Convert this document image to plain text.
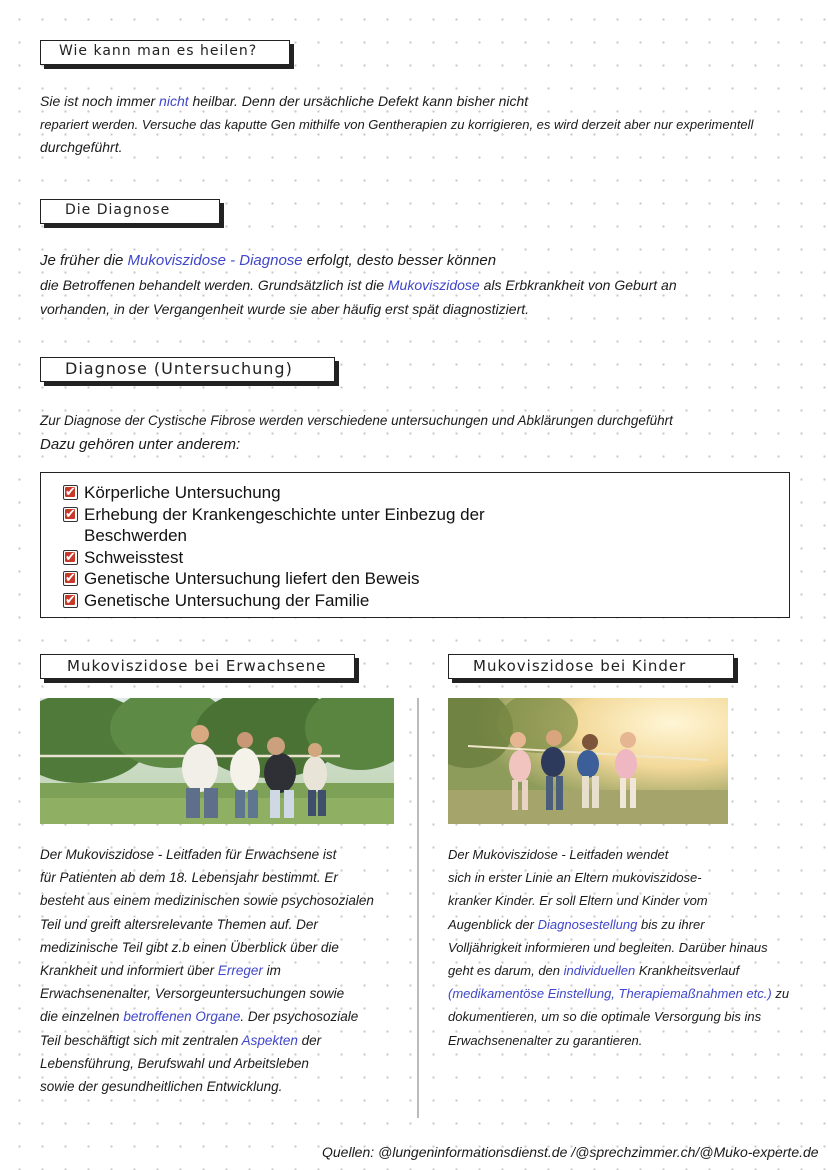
Wie kann man es heilen?
Sie ist noch immer nicht heilbar. Denn der ursächliche Defekt kann bisher nicht
repariert werden. Versuche das kaputte Gen mithilfe von Gentherapien zu korrigieren, es wird derzeit aber nur experimentell
durchgeführt.
Die Diagnose
Je früher die Mukoviszidose - Diagnose erfolgt, desto besser können
die Betroffenen behandelt werden. Grundsätzlich ist die Mukoviszidose als Erbkrankheit von Geburt an
vorhanden, in der Vergangenheit wurde sie aber häufig erst spät diagnostiziert.
Diagnose (Untersuchung)
Zur Diagnose der Cystische Fibrose werden verschiedene untersuchungen und Abklärungen durchgeführt
Dazu gehören unter anderem:
✔
Körperliche Untersuchung
✔
Erhebung der Krankengeschichte unter Einbezug der Beschwerden
✔
Schweisstest
✔
Genetische Untersuchung liefert den Beweis
✔
Genetische Untersuchung der Familie
Mukoviszidose bei Erwachsene	Mukoviszidose bei Kinder
Der Mukoviszidose - Leitfaden für Erwachsene ist
für Patienten ab dem 18. Lebensjahr bestimmt. Er
besteht aus einem medizinischen sowie psychosozialen
Teil und greift altersrelevante Themen auf. Der
medizinische Teil gibt z.b einen Überblick über die
Krankheit und informiert über Erreger im
Erwachsenenalter, Versorgeuntersuchungen sowie
die einzelnen betroffenen Organe. Der psychosoziale
Teil beschäftigt sich mit zentralen Aspekten der
Lebensführung, Berufswahl und Arbeitsleben
sowie der gesundheitlichen Entwicklung.
Der Mukoviszidose - Leitfaden wendet
sich in erster Linie an Eltern mukoviszidose-
kranker Kinder. Er soll Eltern und Kinder vom
Augenblick der Diagnosestellung bis zu ihrer
Volljährigkeit informieren und begleiten. Darüber hinaus
geht es darum, den individuellen Krankheitsverlauf
(medikamentöse Einstellung, Therapiemaßnahmen etc.) zu
dokumentieren, um so die optimale Versorgung bis ins
Erwachsenenalter zu garantieren.
Quellen: @lungeninformationsdienst.de /@sprechzimmer.ch/@Muko-experte.de
